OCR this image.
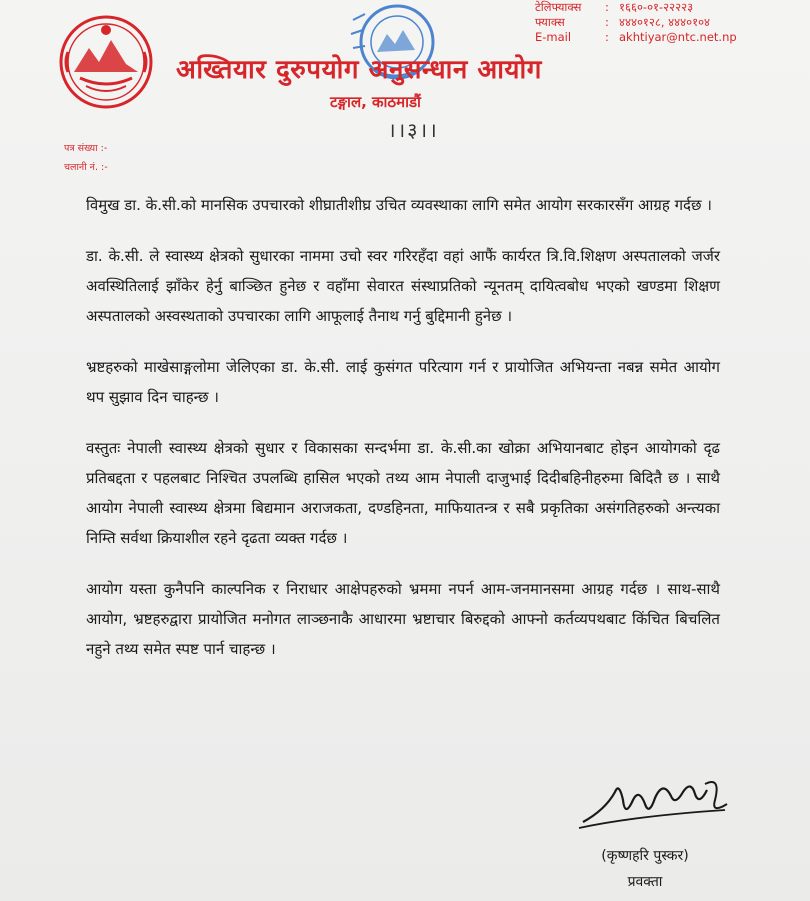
अख्तियार दुरुपयोग अनुसन्धान आयोग
टङ्गाल, काठमाडौं
टेलिफ्याक्स	: १६६०-०१-२२२२३
फ्याक्स	: ४४४०१२८, ४४४०१०४
E-mail	: akhtiyar@ntc.net.np
।।३।।
पत्र संख्या :-
चलानी नं. :-

विमुख डा. के.सी.को मानसिक उपचारको शीघ्रातीशीघ्र उचित व्यवस्थाका लागि समेत आयोग सरकारसँग आग्रह गर्दछ ।

डा. के.सी. ले स्वास्थ्य क्षेत्रको सुधारका नाममा उचो स्वर गरिरहँदा वहां आफैं कार्यरत त्रि.वि.शिक्षण अस्पतालको जर्जर अवस्थितिलाई झाँकेर हेर्नु बाञ्छित हुनेछ र वहाँमा सेवारत संस्थाप्रतिको न्यूनतम् दायित्वबोध भएको खण्डमा शिक्षण अस्पतालको अस्वस्थताको उपचारका लागि आफूलाई तैनाथ गर्नु बुद्दिमानी हुनेछ ।

भ्रष्टहरुको माखेसाङ्गलोमा जेलिएका डा. के.सी. लाई कुसंगत परित्याग गर्न र प्रायोजित अभियन्ता नबन्न समेत आयोग थप सुझाव दिन चाहन्छ ।

वस्तुतः नेपाली स्वास्थ्य क्षेत्रको सुधार र विकासका सन्दर्भमा डा. के.सी.का खोक्रा अभियानबाट होइन आयोगको दृढ प्रतिबद्दता र पहलबाट निश्चित उपलब्धि हासिल भएको तथ्य आम नेपाली दाजुभाई दिदीबहिनीहरुमा बिदितै छ । साथै आयोग नेपाली स्वास्थ्य क्षेत्रमा बिद्यमान अराजकता, दण्डहिनता, माफियातन्त्र र सबै प्रकृतिका असंगतिहरुको अन्त्यका निम्ति सर्वथा क्रियाशील रहने दृढता व्यक्त गर्दछ ।

आयोग यस्ता कुनैपनि काल्पनिक र निराधार आक्षेपहरुको भ्रममा नपर्न आम-जनमानसमा आग्रह गर्दछ । साथ-साथै आयोग, भ्रष्टहरुद्वारा प्रायोजित मनोगत लाञ्छनाकै आधारमा भ्रष्टाचार बिरुद्दको आफ्नो कर्तव्यपथबाट किंचित बिचलित नहुने तथ्य समेत स्पष्ट पार्न चाहन्छ ।

(कृष्णहरि पुस्कर)
प्रवक्ता
